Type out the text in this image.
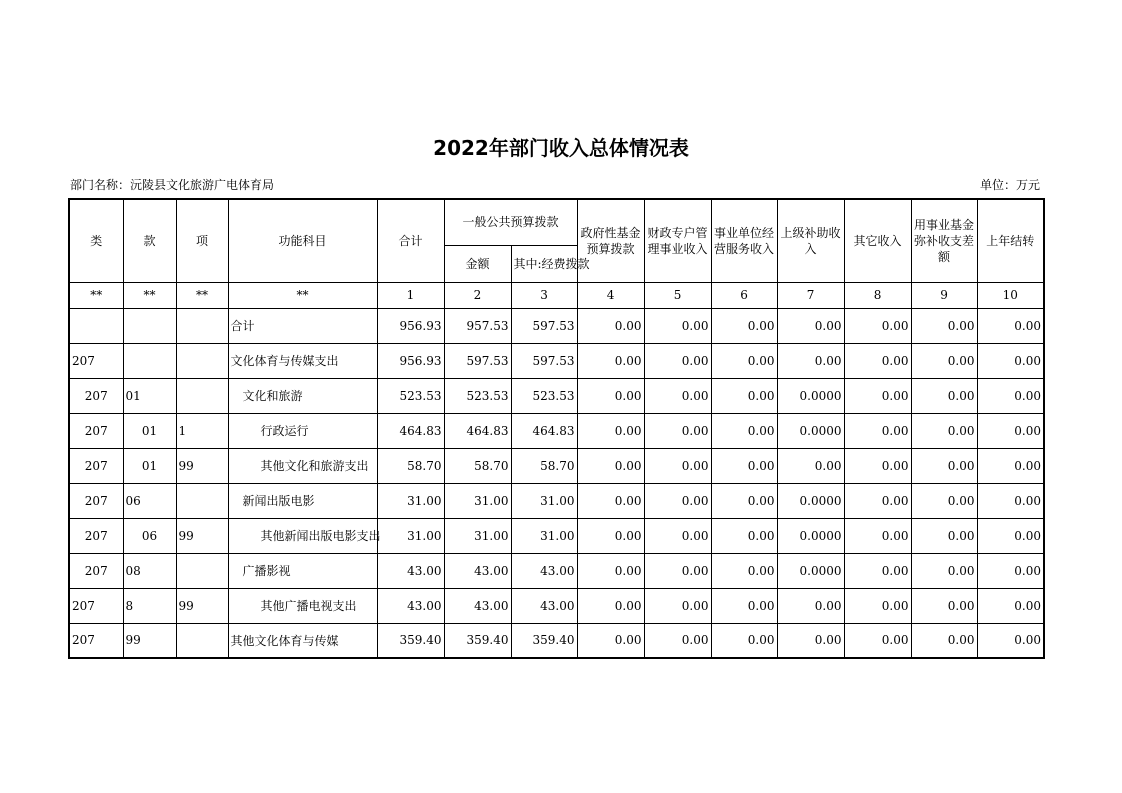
2022年部门收入总体情况表
部门名称：沅陵县文化旅游广电体育局	单位：万元
类	款	项	功能科目	合计	一般公共预算拨款		政府性基金预算拨款	财政专户管理事业收入	事业单位经营服务收入	上级补助收入	其它收入	用事业基金弥补收支差额	上年结转
					金额	其中:经费拨款							
**	**	**	**	1	2	3	4	5	6	7	8	9	10
			合计	956.93	957.53	597.53	0.00	0.00	0.00	0.00	0.00	0.00	0.00
207			文化体育与传媒支出	956.93	597.53	597.53	0.00	0.00	0.00	0.00	0.00	0.00	0.00
207	01		文化和旅游	523.53	523.53	523.53	0.00	0.00	0.00	0.0000	0.00	0.00	0.00
207	01	1	行政运行	464.83	464.83	464.83	0.00	0.00	0.00	0.0000	0.00	0.00	0.00
207	01	99	其他文化和旅游支出	58.70	58.70	58.70	0.00	0.00	0.00	0.00	0.00	0.00	0.00
207	06		新闻出版电影	31.00	31.00	31.00	0.00	0.00	0.00	0.0000	0.00	0.00	0.00
207	06	99	其他新闻出版电影支出	31.00	31.00	31.00	0.00	0.00	0.00	0.0000	0.00	0.00	0.00
207	08		广播影视	43.00	43.00	43.00	0.00	0.00	0.00	0.0000	0.00	0.00	0.00
207	8	99	其他广播电视支出	43.00	43.00	43.00	0.00	0.00	0.00	0.00	0.00	0.00	0.00
207	99		其他文化体育与传媒	359.40	359.40	359.40	0.00	0.00	0.00	0.00	0.00	0.00	0.00
